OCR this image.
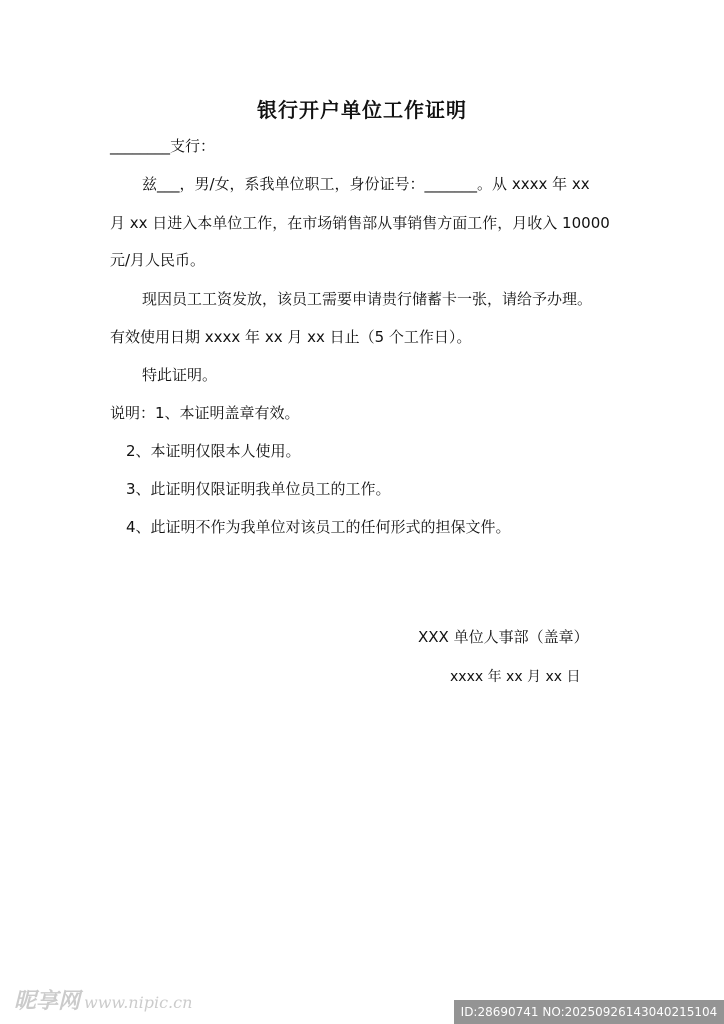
银行开户单位工作证明
________支行：
兹___，男/女，系我单位职工，身份证号：_______。从 xxxx 年 xx
月 xx 日进入本单位工作，在市场销售部从事销售方面工作，月收入 10000
元/月人民币。
现因员工工资发放，该员工需要申请贵行储蓄卡一张，请给予办理。
有效使用日期 xxxx 年 xx 月 xx 日止（5 个工作日）。
特此证明。
说明：1、本证明盖章有效。
2、本证明仅限本人使用。
3、此证明仅限证明我单位员工的工作。
4、此证明不作为我单位对该员工的任何形式的担保文件。
XXX 单位人事部（盖章）
xxxx 年 xx 月 xx 日
昵享网 www.nipic.cn	ID:28690741 NO:20250926143040215104
